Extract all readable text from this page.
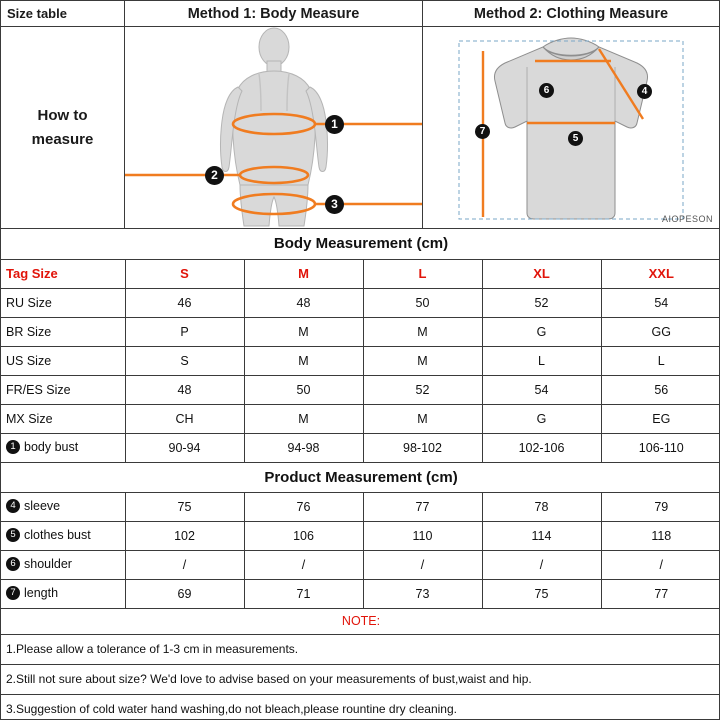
Size table
How to
measure
Method 1: Body Measure
1
2
3
Method 2: Clothing Measure
6	4
5
7
AIOPESON
Body Measurement (cm)					
Tag Size	S	M	L	XL	XXL
RU Size	46	48	50	52	54
BR Size	P	M	M	G	GG
US Size	S	M	M	L	L
FR/ES Size	48	50	52	54	56
MX Size	CH	M	M	G	EG
1 body bust	90-94	94-98	98-102	102-106	106-110
Product Measurement (cm)					
4 sleeve	75	76	77	78	79
5 clothes bust	102	106	110	114	118
6 shoulder	/	/	/	/	/
7 length	69	71	73	75	77
NOTE:					
1.Please allow a tolerance of 1-3 cm in measurements.					
2.Still not sure about size? We'd love to advise based on your measurements of bust,waist and hip.					
3.Suggestion of cold water hand washing,do not bleach,please rountine dry cleaning.					
